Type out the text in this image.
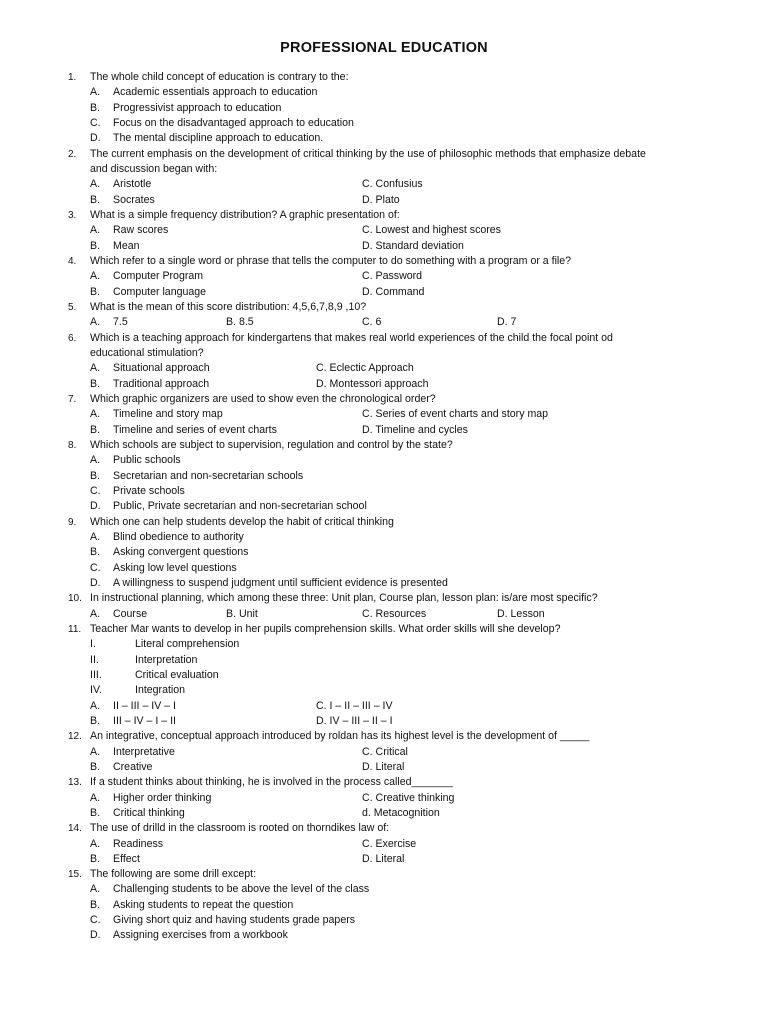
PROFESSIONAL EDUCATION
1.	The whole child concept of education is contrary to the:
A. Academic essentials approach to education
B. Progressivist approach to education
C. Focus on the disadvantaged approach to education
D. The mental discipline approach to education.
2.	The current emphasis on the development of critical thinking by the use of philosophic methods that emphasize debate
and discussion began with:
A. Aristotle	C. Confusius
B. Socrates	D. Plato
3.	What is a simple frequency distribution? A graphic presentation of:
A. Raw scores	C. Lowest and highest scores
B. Mean	D. Standard deviation
4.	Which refer to a single word or phrase that tells the computer to do something with a program or a file?
A. Computer Program	C. Password
B. Computer language	D. Command
5.	What is the mean of this score distribution: 4,5,6,7,8,9 ,10?
A. 7.5	B. 8.5	C. 6	D. 7
6.	Which is a teaching approach for kindergartens that makes real world experiences of the child the focal point od
educational stimulation?
A. Situational approach	C. Eclectic Approach
B. Traditional approach	D. Montessori approach
7.	Which graphic organizers are used to show even the chronological order?
A. Timeline and story map	C. Series of event charts and story map
B. Timeline and series of event charts	D. Timeline and cycles
8.	Which schools are subject to supervision, regulation and control by the state?
A. Public schools
B. Secretarian and non-secretarian schools
C. Private schools
D. Public, Private secretarian and non-secretarian school
9.	Which one can help students develop the habit of critical thinking
A. Blind obedience to authority
B. Asking convergent questions
C. Asking low level questions
D. A willingness to suspend judgment until sufficient evidence is presented
10. In instructional planning, which among these three: Unit plan, Course plan, lesson plan: is/are most specific?
A. Course	B. Unit	C. Resources	D. Lesson
11. Teacher Mar wants to develop in her pupils comprehension skills. What order skills will she develop?
I.	Literal comprehension
II.	Interpretation
III.	Critical evaluation
IV.	Integration
A. II – III – IV – I	C. I – II – III – IV
B. III – IV – I – II	D. IV – III – II – I
12. An integrative, conceptual approach introduced by roldan has its highest level is the development of _____
A. Interpretative	C. Critical
B. Creative	D. Literal
13. If a student thinks about thinking, he is involved in the process called_______
A. Higher order thinking	C. Creative thinking
B. Critical thinking	d. Metacognition
14. The use of drilld in the classroom is rooted on thorndikes law of:
A. Readiness	C. Exercise
B. Effect	D. Literal
15. The following are some drill except:
A. Challenging students to be above the level of the class
B. Asking students to repeat the question
C. Giving short quiz and having students grade papers
D. Assigning exercises from a workbook
